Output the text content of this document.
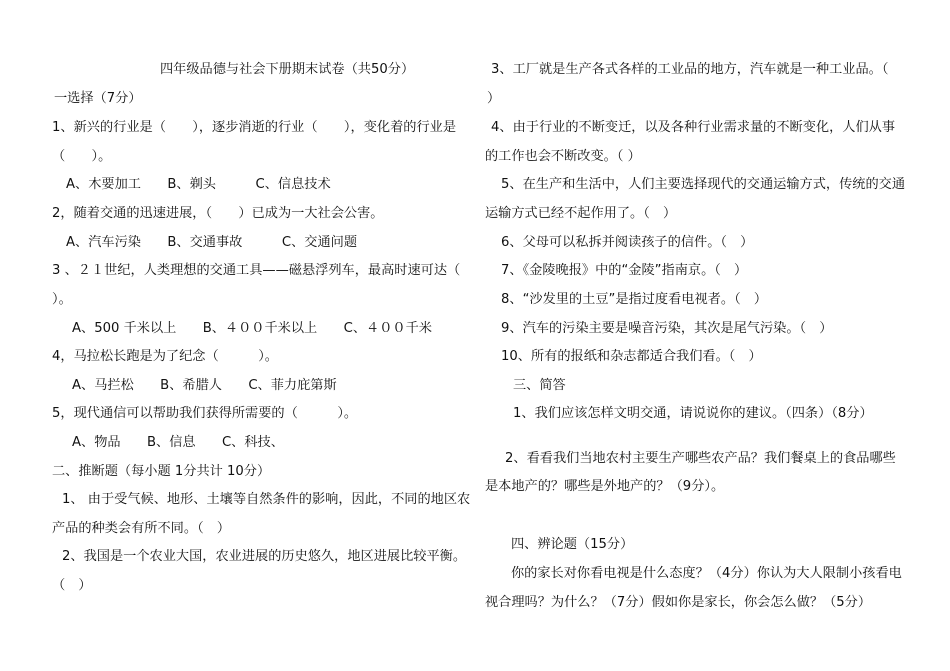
四年级品德与社会下册期末试卷（共50分）
一选择（7分）
1、新兴的行业是（　　），逐步消逝的行业（　　），变化着的行业是
（　　）。
A、木要加工　　B、剃头　　　C、信息技术
2，随着交通的迅速进展，（　　）已成为一大社会公害。
A、汽车污染　　B、交通事故　　　C、交通问题
3 、２１世纪，人类理想的交通工具——磁悬浮列车，最高时速可达（
）。
A、500 千米以上　　B、４００千米以上　　C、４００千米
4，马拉松长跑是为了纪念（　　　）。
A、马拦松　　B、希腊人　　C、菲力庇第斯
5，现代通信可以帮助我们获得所需要的（　　　）。
A、物品　　B、信息　　C、科技、
二、推断题（每小题 1分共计 10分）
1、 由于受气候、地形、土壤等自然条件的影响，因此，不同的地区农
产品的种类会有所不同。（　）
2、我国是一个农业大国，农业进展的历史悠久，地区进展比较平衡。
（　）
3、工厂就是生产各式各样的工业品的地方，汽车就是一种工业品。（
）
4、由于行业的不断变迁，以及各种行业需求量的不断变化，人们从事
的工作也会不断改变。（ ）
5、在生产和生活中，人们主要选择现代的交通运输方式，传统的交通
运输方式已经不起作用了。（　）
6、父母可以私拆并阅读孩子的信件。（　）
7、《金陵晚报》中的“金陵”指南京。（　）
8、“沙发里的土豆”是指过度看电视者。（　）
9、汽车的污染主要是噪音污染，其次是尾气污染。（　）
10、所有的报纸和杂志都适合我们看。（　）
三、简答
1、我们应该怎样文明交通，请说说你的建议。（四条）（8分）
2、看看我们当地农村主要生产哪些农产品？我们餐桌上的食品哪些
是本地产的？哪些是外地产的？（9分）。
四、辨论题（15分）
你的家长对你看电视是什么态度？（4分）你认为大人限制小孩看电
视合理吗？为什么？（7分）假如你是家长，你会怎么做？（5分）
